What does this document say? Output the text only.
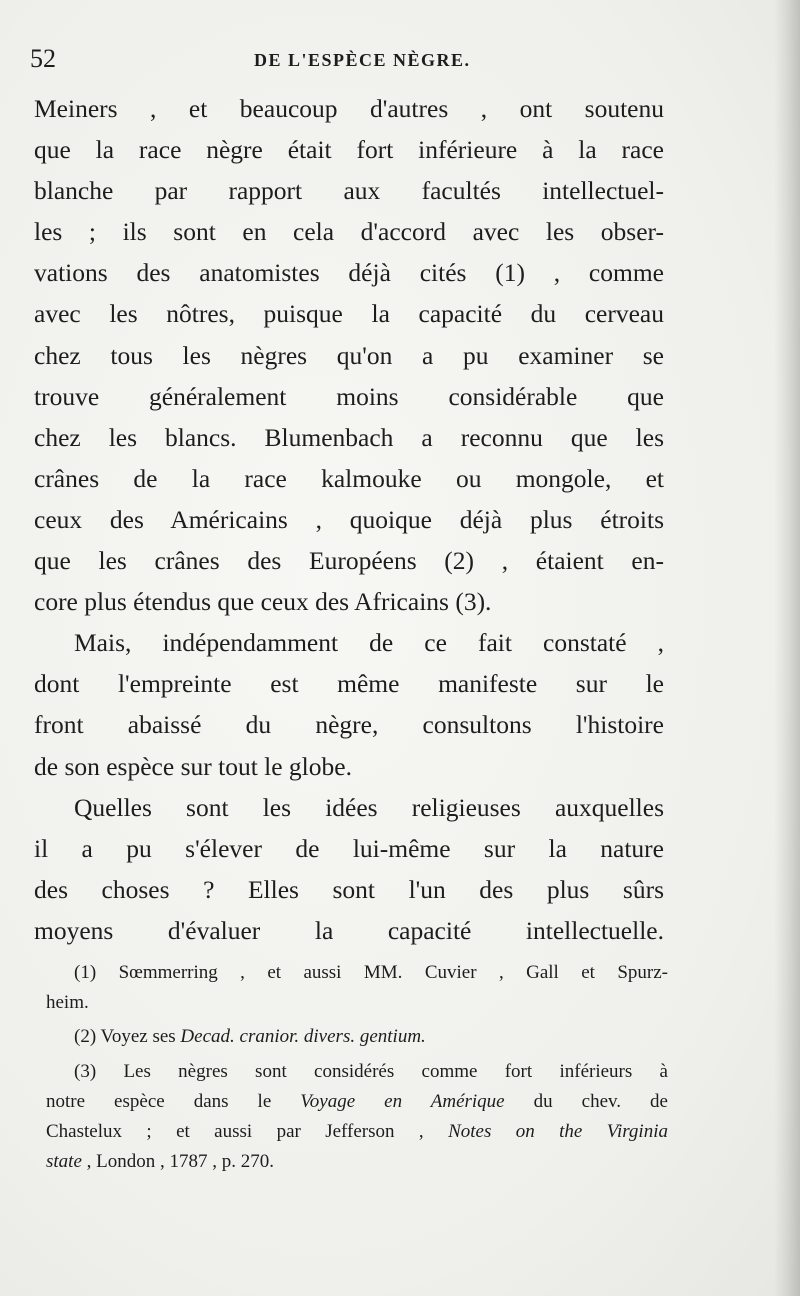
52	DE L'ESPÈCE NÈGRE.
Meiners , et beaucoup d'autres , ont soutenu
que la race nègre était fort inférieure à la race
blanche par rapport aux facultés intellectuel-
les ; ils sont en cela d'accord avec les obser-
vations des anatomistes déjà cités (1) , comme
avec les nôtres, puisque la capacité du cerveau
chez tous les nègres qu'on a pu examiner se
trouve généralement moins considérable que
chez les blancs. Blumenbach a reconnu que les
crânes de la race kalmouke ou mongole, et
ceux des Américains , quoique déjà plus étroits
que les crânes des Européens (2) , étaient en-
core plus étendus que ceux des Africains (3).
Mais, indépendamment de ce fait constaté ,
dont l'empreinte est même manifeste sur le
front abaissé du nègre, consultons l'histoire
de son espèce sur tout le globe.
Quelles sont les idées religieuses auxquelles
il a pu s'élever de lui-même sur la nature
des choses ? Elles sont l'un des plus sûrs
moyens d'évaluer la capacité intellectuelle.
(1) Sœmmerring , et aussi MM. Cuvier , Gall et Spurz-
heim.
(2) Voyez ses Decad. cranior. divers. gentium.
(3) Les nègres sont considérés comme fort inférieurs à
notre espèce dans le Voyage en Amérique du chev. de
Chastelux ; et aussi par Jefferson , Notes on the Virginia
state , London , 1787 , p. 270.
